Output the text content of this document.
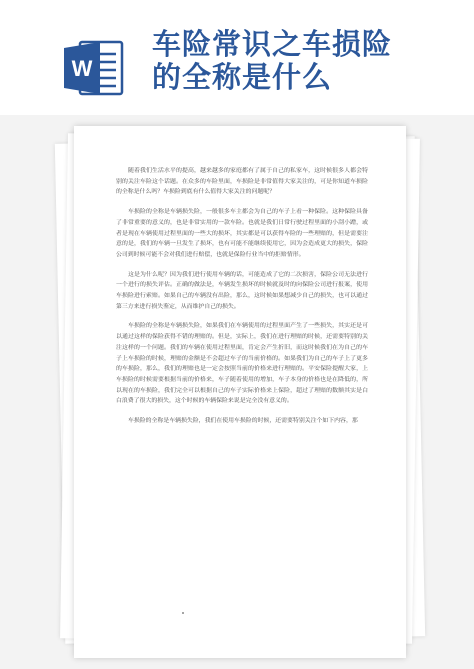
W
车险常识之车损险
的全称是什么

随着我们生活水平的提高，越来越多的家庭都有了属于自己的私家车，这时候很多人都会特别的关注车险这个话题。在众多的车险里面，车损险是非常值得大家关注的，可是你知道车损险的全称是什么吗？车损险到底有什么值得大家关注的问题呢？

车损险的全称是车辆损失险，一般很多车主都会为自己的车子上看一种保险。这种保险具备了非常重要的意义的，也是非常实用的一款车险。也就是我们日常行驶过程里面的小刮小蹭，或者是现在车辆使用过程里面的一些大的损坏，其实都是可以获得车险的一些理赔的，但是需要注意的是，我们的车辆一旦发生了损坏，也有可能不能继续使用它，因为会造成更大的损失，保险公司到时候可能不会对我们进行赔偿，也就是保险行业当中的拒赔情形。

这是为什么呢？因为我们进行使用车辆的话，可能造成了它的二次损害，保险公司无法进行一个进行的损失评估。正确的做法是，车辆发生损坏的时候就及时的向保险公司进行报案，使用车损险进行索赔。如果自己的车辆没有出险，那么，这时候如果想减少自己的损失，也可以通过第三方来进行损失鉴定，从而维护自己的损失。

车损险的全称是车辆损失险，如果我们在车辆使用的过程里面产生了一些损失，其实还是可以通过这样的保险获得不错的理赔的。但是，实际上，我们在进行理赔的时候，还需要特别的关注这样的一个问题。我们的车辆在使用过程里面，肯定会产生折旧，而这时候我们在为自己的车子上车损险的时候，理赔的金额是不会超过车子的当前价格的。如果我们为自己的车子上了更多的车损险，那么，我们的理赔也是一定会按照当前的价格来进行理赔的。平安保险提醒大家，上车损险的时候需要根据当前的价格来，车子随着使用的增加，车子本身的价格也是在降低的，所以现在的车损险，我们完全可以根据自己的车子实际价格来上保险，超过了理赔的数额其实是白白浪费了很大的损失，这个时候的车辆保险来说是完全没有意义的。

车损险的全称是车辆损失险，我们在使用车损险的时候，还需要特别关注个如下内容，那
